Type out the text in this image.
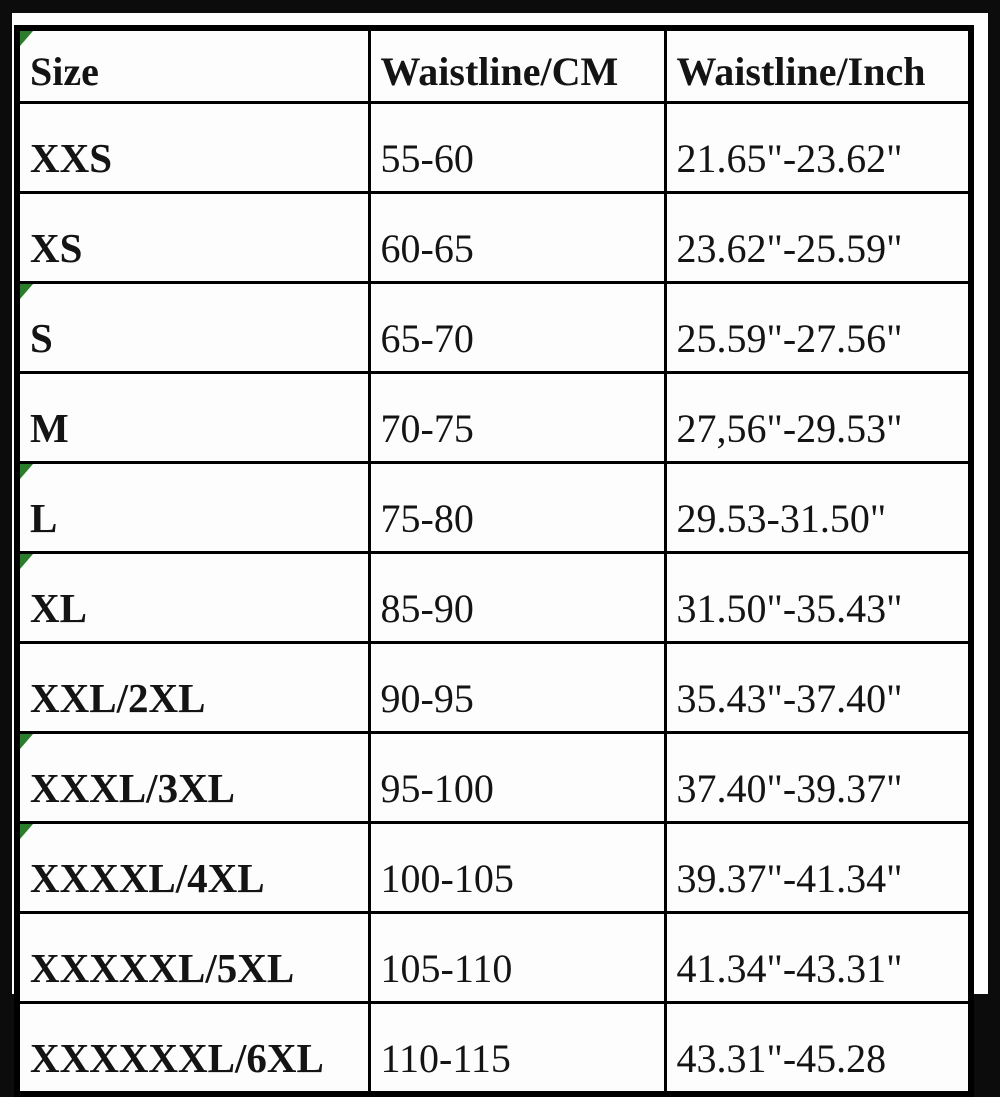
Size	Waistline/CM	Waistline/Inch
XXS	55-60	21.65"-23.62"
XS	60-65	23.62"-25.59"

S	65-70	25.59"-27.56"
M	70-75	27,56"-29.53"

L	75-80	29.53-31.50"

XL	85-90	31.50"-35.43"
XXL/2XL	90-95	35.43"-37.40"

XXXL/3XL	95-100	37.40"-39.37"

XXXXL/4XL	100-105	39.37"-41.34"
XXXXXL/5XL	105-110	41.34"-43.31"
XXXXXXL/6XL	110-115	43.31"-45.28
